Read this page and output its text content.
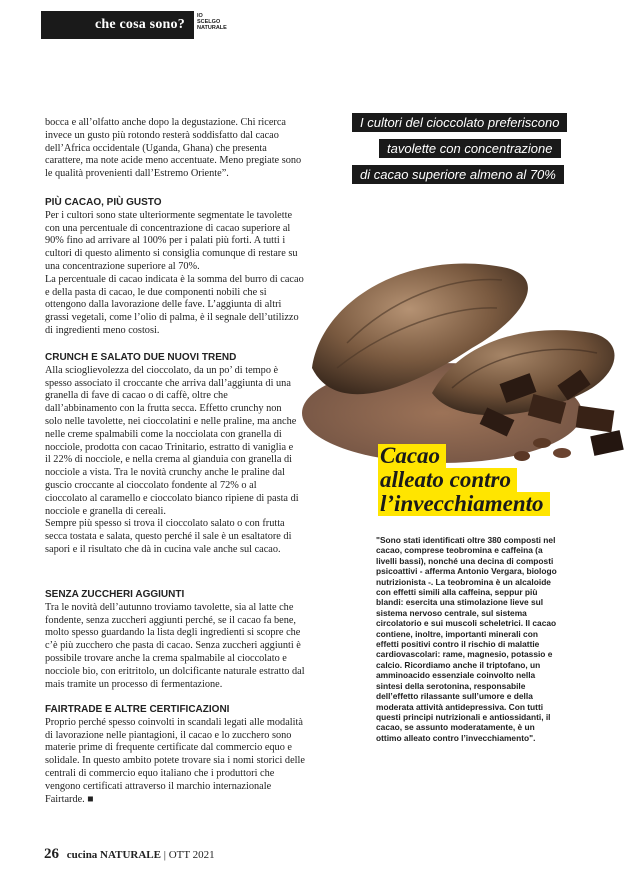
che cosa sono?
IO
SCELGO
NATURALE

bocca e all’olfatto anche dopo la degustazione. Chi ricerca invece un gusto più rotondo resterà soddisfatto dal cacao dell’Africa occidentale (Uganda, Ghana) che presenta carattere, ma note acide meno accentuate. Meno pregiate sono le qualità provenienti dall’Estremo Oriente”.

PIÙ CACAO, PIÙ GUSTO

Per i cultori sono state ulteriormente segmentate le tavolette con una percentuale di concentrazione di cacao superiore al 90% fino ad arrivare al 100% per i palati più forti. A tutti i cultori di questo alimento si consiglia comunque di restare su una concentrazione superiore al 70%.

La percentuale di cacao indicata è la somma del burro di cacao e della pasta di cacao, le due componenti nobili che si ottengono dalla lavorazione delle fave. L’aggiunta di altri grassi vegetali, come l’olio di palma, è il segnale dell’utilizzo di ingredienti meno costosi.

CRUNCH E SALATO DUE NUOVI TREND

Alla scioglievolezza del cioccolato, da un po’ di tempo è spesso associato il croccante che arriva dall’aggiunta di una granella di fave di cacao o di caffè, oltre che dall’abbinamento con la frutta secca. Effetto crunchy non solo nelle tavolette, nei cioccolatini e nelle praline, ma anche nelle creme spalmabili come la nocciolata con granella di nocciole, prodotta con cacao Trinitario, estratto di vaniglia e il 22% di nocciole, e nella crema al gianduia con granella di nocciole a vista. Tra le novità crunchy anche le praline dal guscio croccante al cioccolato fondente al 72% o al cioccolato al caramello e cioccolato bianco ripiene di pasta di nocciole e granella di cereali.

Sempre più spesso si trova il cioccolato salato o con frutta secca tostata e salata, questo perché il sale è un esaltatore di sapori e il risultato che dà in cucina vale anche sul cacao.

SENZA ZUCCHERI AGGIUNTI

Tra le novità dell’autunno troviamo tavolette, sia al latte che fondente, senza zuccheri aggiunti perché, se il cacao fa bene, molto spesso guardando la lista degli ingredienti si scopre che c’è più zucchero che pasta di cacao. Senza zuccheri aggiunti è possibile trovare anche la crema spalmabile al cioccolato e nocciole bio, con eritritolo, un dolcificante naturale estratto dal mais tramite un processo di fermentazione.

FAIRTRADE E ALTRE CERTIFICAZIONI

Proprio perché spesso coinvolti in scandali legati alle modalità di lavorazione nelle piantagioni, il cacao e lo zucchero sono materie prime di frequente certificate dal commercio equo e solidale. In questo ambito potete trovare sia i nomi storici delle centrali di commercio equo italiano che i produttori che vengono certificati attraverso il marchio internazionale Fairtarde. ■

I cultori del cioccolato preferiscono
tavolette con concentrazione
di cacao superiore almeno al 70%
Cacao
alleato contro
l’invecchiamento
"Sono stati identificati oltre 380 composti nel cacao, comprese teobromina e caffeina (a livelli bassi), nonché una decina di composti psicoattivi - afferma Antonio Vergara, biologo nutrizionista -. La teobromina è un alcaloide con effetti simili alla caffeina, seppur più blandi: esercita una stimolazione lieve sul sistema nervoso centrale, sul sistema circolatorio e sui muscoli scheletrici. Il cacao contiene, inoltre, importanti minerali con effetti positivi contro il rischio di malattie cardiovascolari: rame, magnesio, potassio e calcio. Ricordiamo anche il triptofano, un amminoacido essenziale coinvolto nella sintesi della serotonina, responsabile dell’effetto rilassante sull’umore e della moderata attività antidepressiva. Con tutti questi principi nutrizionali e antiossidanti, il cacao, se assunto moderatamente, è un ottimo alleato contro l’invecchiamento".
26 cucina NATURALE | OTT 2021
